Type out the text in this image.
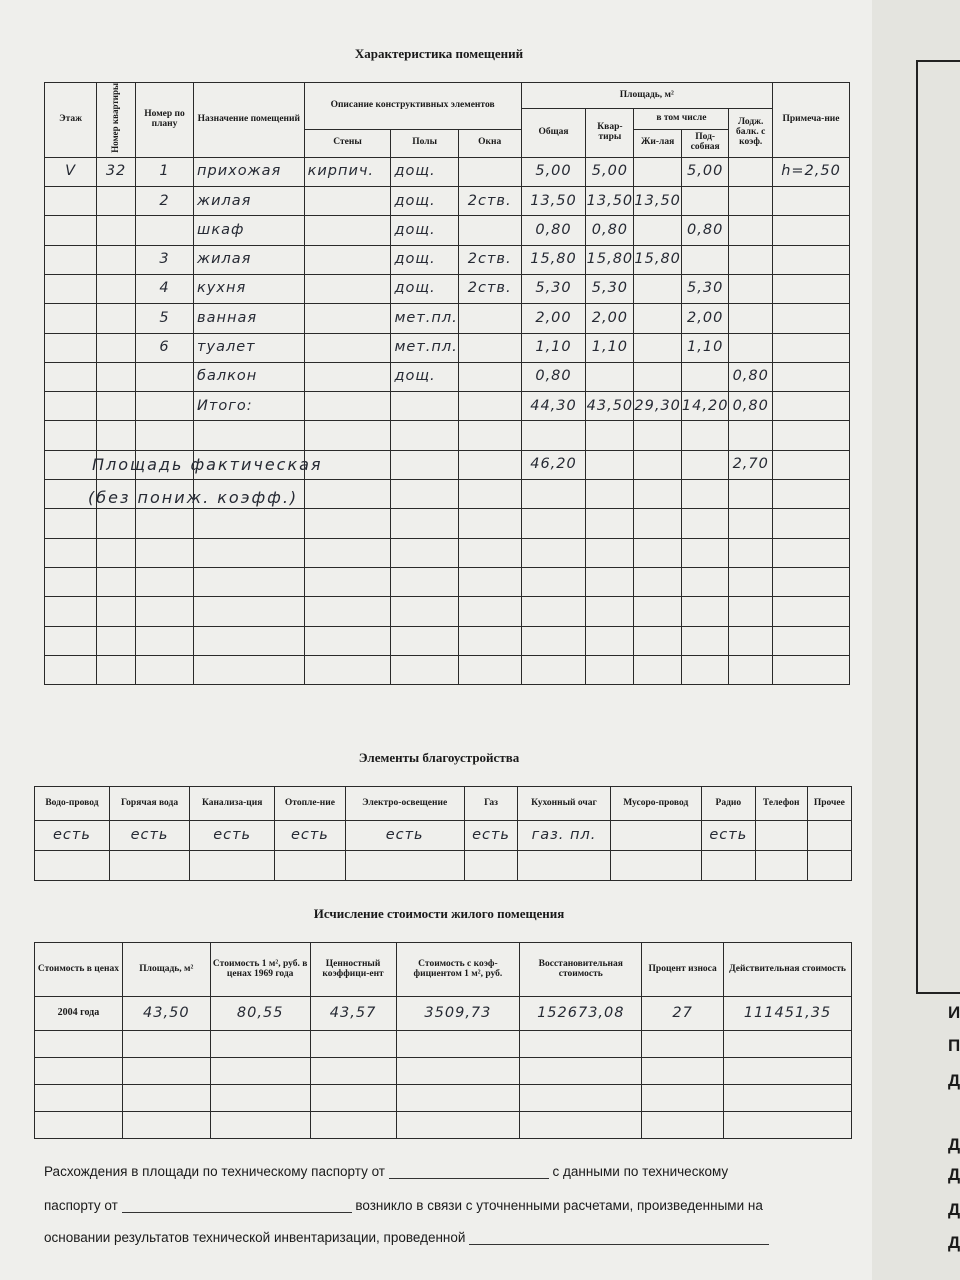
Характеристика помещений
Этаж	Номер квартиры	Номер по плану	Назначение помещений	Описание конструктивных элементов			Площадь, м²					Примеча-ние
							Общая	Квар-тиры	в том числе		Лодж. балк. с коэф.	
				Стены	Полы	Окна			Жи-лая	Под-собная		
V	32	1	прихожая	кирпич.	дощ.		5,00	5,00		5,00		h=2,50
		2	жилая		дощ.	2ств.	13,50	13,50	13,50			
			шкаф		дощ.		0,80	0,80		0,80		
		3	жилая		дощ.	2ств.	15,80	15,80	15,80			
		4	кухня		дощ.	2ств.	5,30	5,30		5,30		
		5	ванная		мет.пл.		2,00	2,00		2,00		
		6	туалет		мет.пл.		1,10	1,10		1,10		
			балкон		дощ.		0,80				0,80	
			Итого:				44,30	43,50	29,30	14,20	0,80	

							46,20				2,70	

Площадь фактическая
(без пониж. коэфф.)
Элементы благоустройства
Водо-провод	Горячая вода	Канализа-ция	Отопле-ние	Электро-освещение	Газ	Кухонный очаг	Мусоро-провод	Радио	Телефон	Прочее
есть	есть	есть	есть	есть	есть	газ. пл.		есть		

Исчисление стоимости жилого помещения
Стоимость в ценах	Площадь, м²	Стоимость 1 м², руб. в ценах 1969 года	Ценностный коэффици-ент	Стоимость с коэф-фициентом 1 м², руб.	Восстановительная стоимость	Процент износа	Действительная стоимость
2004 года	43,50	80,55	43,57	3509,73	152673,08	27	111451,35

Расхождения в площади по техническому паспорту от	с данными по техническому
паспорту от	возникло в связи с уточненными расчетами, произведенными на
основании результатов технической инвентаризации, проведенной
И
П
Д
Д
Д
Д
Д
